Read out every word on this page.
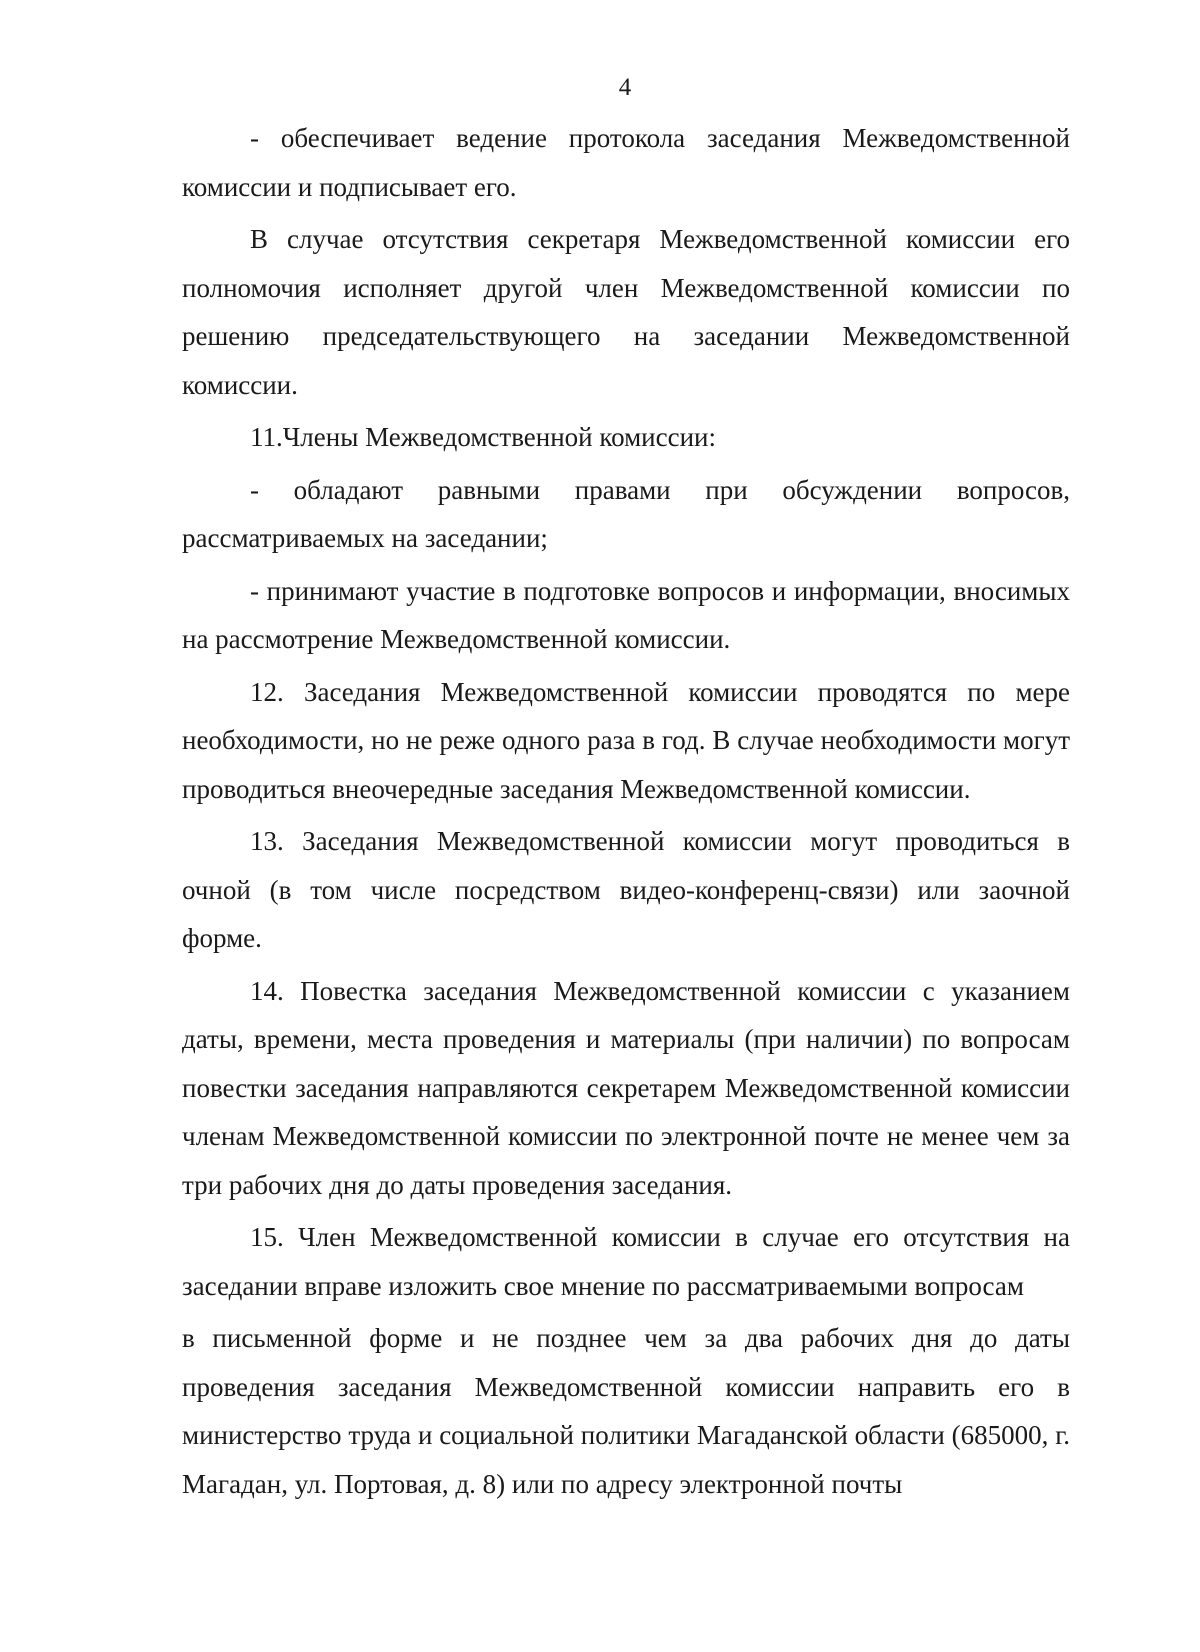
4

- обеспечивает ведение протокола заседания Межведомственной комиссии и подписывает его.

В случае отсутствия секретаря Межведомственной комиссии его полномочия исполняет другой член Межведомственной комиссии по решению председательствующего на заседании Межведомственной комиссии.

11.Члены Межведомственной комиссии:

- обладают равными правами при обсуждении вопросов, рассматриваемых на заседании;

- принимают участие в подготовке вопросов и информации, вносимых на рассмотрение Межведомственной комиссии.

12. Заседания Межведомственной комиссии проводятся по мере необходимости, но не реже одного раза в год. В случае необходимости могут проводиться внеочередные заседания Межведомственной комиссии.

13. Заседания Межведомственной комиссии могут проводиться в очной (в том числе посредством видео-конференц-связи) или заочной форме.

14. Повестка заседания Межведомственной комиссии с указанием даты, времени, места проведения и материалы (при наличии) по вопросам повестки заседания направляются секретарем Межведомственной комиссии членам Межведомственной комиссии по электронной почте не менее чем за три рабочих дня до даты проведения заседания.

15. Член Межведомственной комиссии в случае его отсутствия на заседании вправе изложить свое мнение по рассматриваемыми вопросам

в письменной форме и не позднее чем за два рабочих дня до даты проведения заседания Межведомственной комиссии направить его в министерство труда и социальной политики Магаданской области (685000, г. Магадан, ул. Портовая, д. 8) или по адресу электронной почты
